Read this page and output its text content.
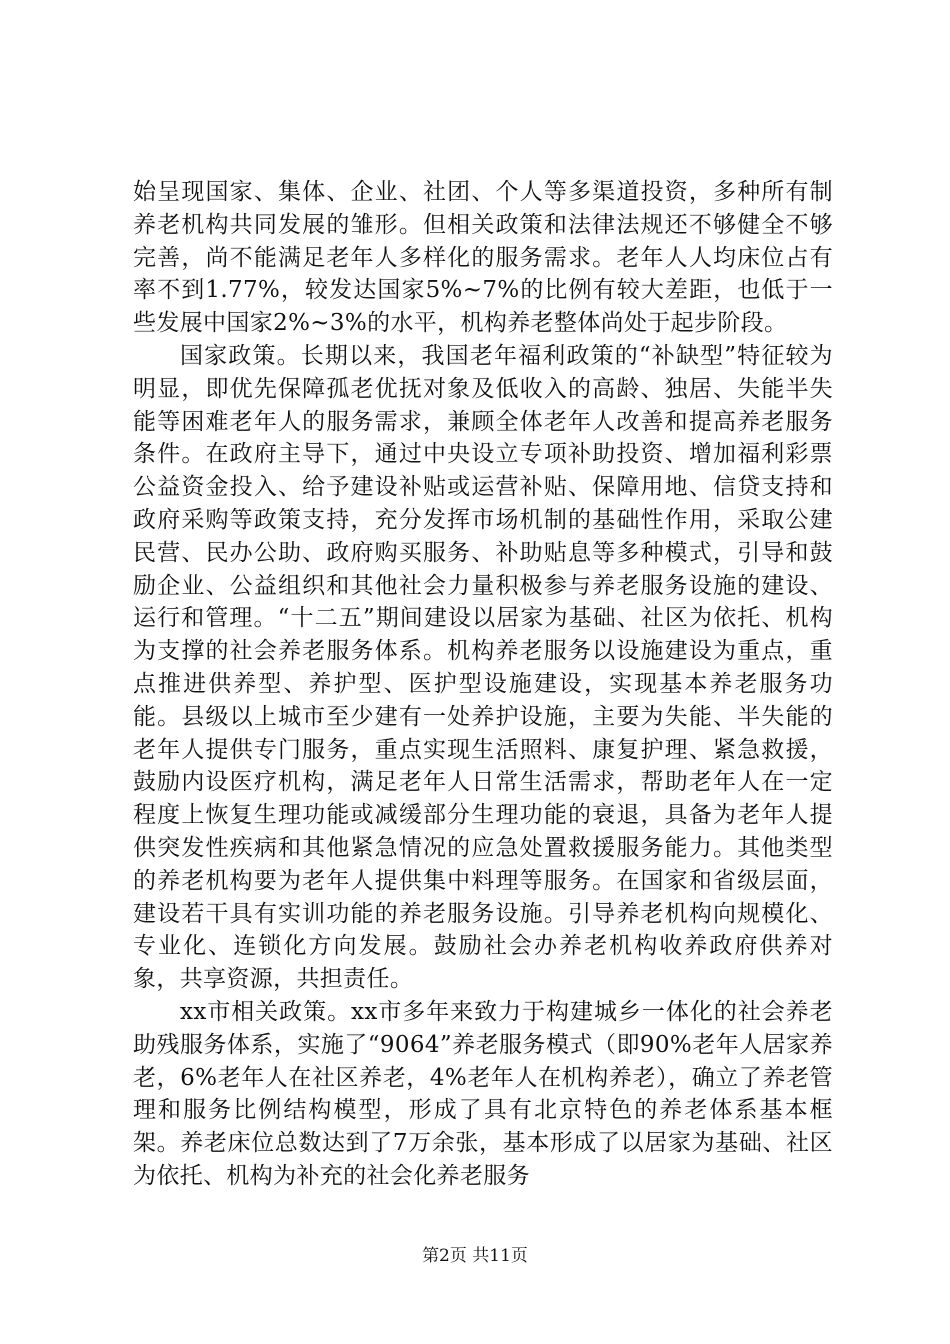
始呈现国家、集体、企业、社团、个人等多渠道投资，多种所有制养老机构共同发展的雏形。但相关政策和法律法规还不够健全不够完善，尚不能满足老年人多样化的服务需求。老年人人均床位占有率不到1.77%，较发达国家5%~7%的比例有较大差距，也低于一些发展中国家2%~3%的水平，机构养老整体尚处于起步阶段。

国家政策。长期以来，我国老年福利政策的“补缺型”特征较为明显，即优先保障孤老优抚对象及低收入的高龄、独居、失能半失能等困难老年人的服务需求，兼顾全体老年人改善和提高养老服务条件。在政府主导下，通过中央设立专项补助投资、增加福利彩票公益资金投入、给予建设补贴或运营补贴、保障用地、信贷支持和政府采购等政策支持，充分发挥市场机制的基础性作用，采取公建民营、民办公助、政府购买服务、补助贴息等多种模式，引导和鼓励企业、公益组织和其他社会力量积极参与养老服务设施的建设、运行和管理。“十二五”期间建设以居家为基础、社区为依托、机构为支撑的社会养老服务体系。机构养老服务以设施建设为重点，重点推进供养型、养护型、医护型设施建设，实现基本养老服务功能。县级以上城市至少建有一处养护设施，主要为失能、半失能的老年人提供专门服务，重点实现生活照料、康复护理、紧急救援，鼓励内设医疗机构，满足老年人日常生活需求，帮助老年人在一定程度上恢复生理功能或减缓部分生理功能的衰退，具备为老年人提供突发性疾病和其他紧急情况的应急处置救援服务能力。其他类型的养老机构要为老年人提供集中料理等服务。在国家和省级层面，建设若干具有实训功能的养老服务设施。引导养老机构向规模化、专业化、连锁化方向发展。鼓励社会办养老机构收养政府供养对象，共享资源，共担责任。

xx市相关政策。xx市多年来致力于构建城乡一体化的社会养老助残服务体系，实施了“9064”养老服务模式（即90%老年人居家养老，6%老年人在社区养老，4%老年人在机构养老），确立了养老管理和服务比例结构模型，形成了具有北京特色的养老体系基本框架。养老床位总数达到了7万余张，基本形成了以居家为基础、社区为依托、机构为补充的社会化养老服务

第2页 共11页
